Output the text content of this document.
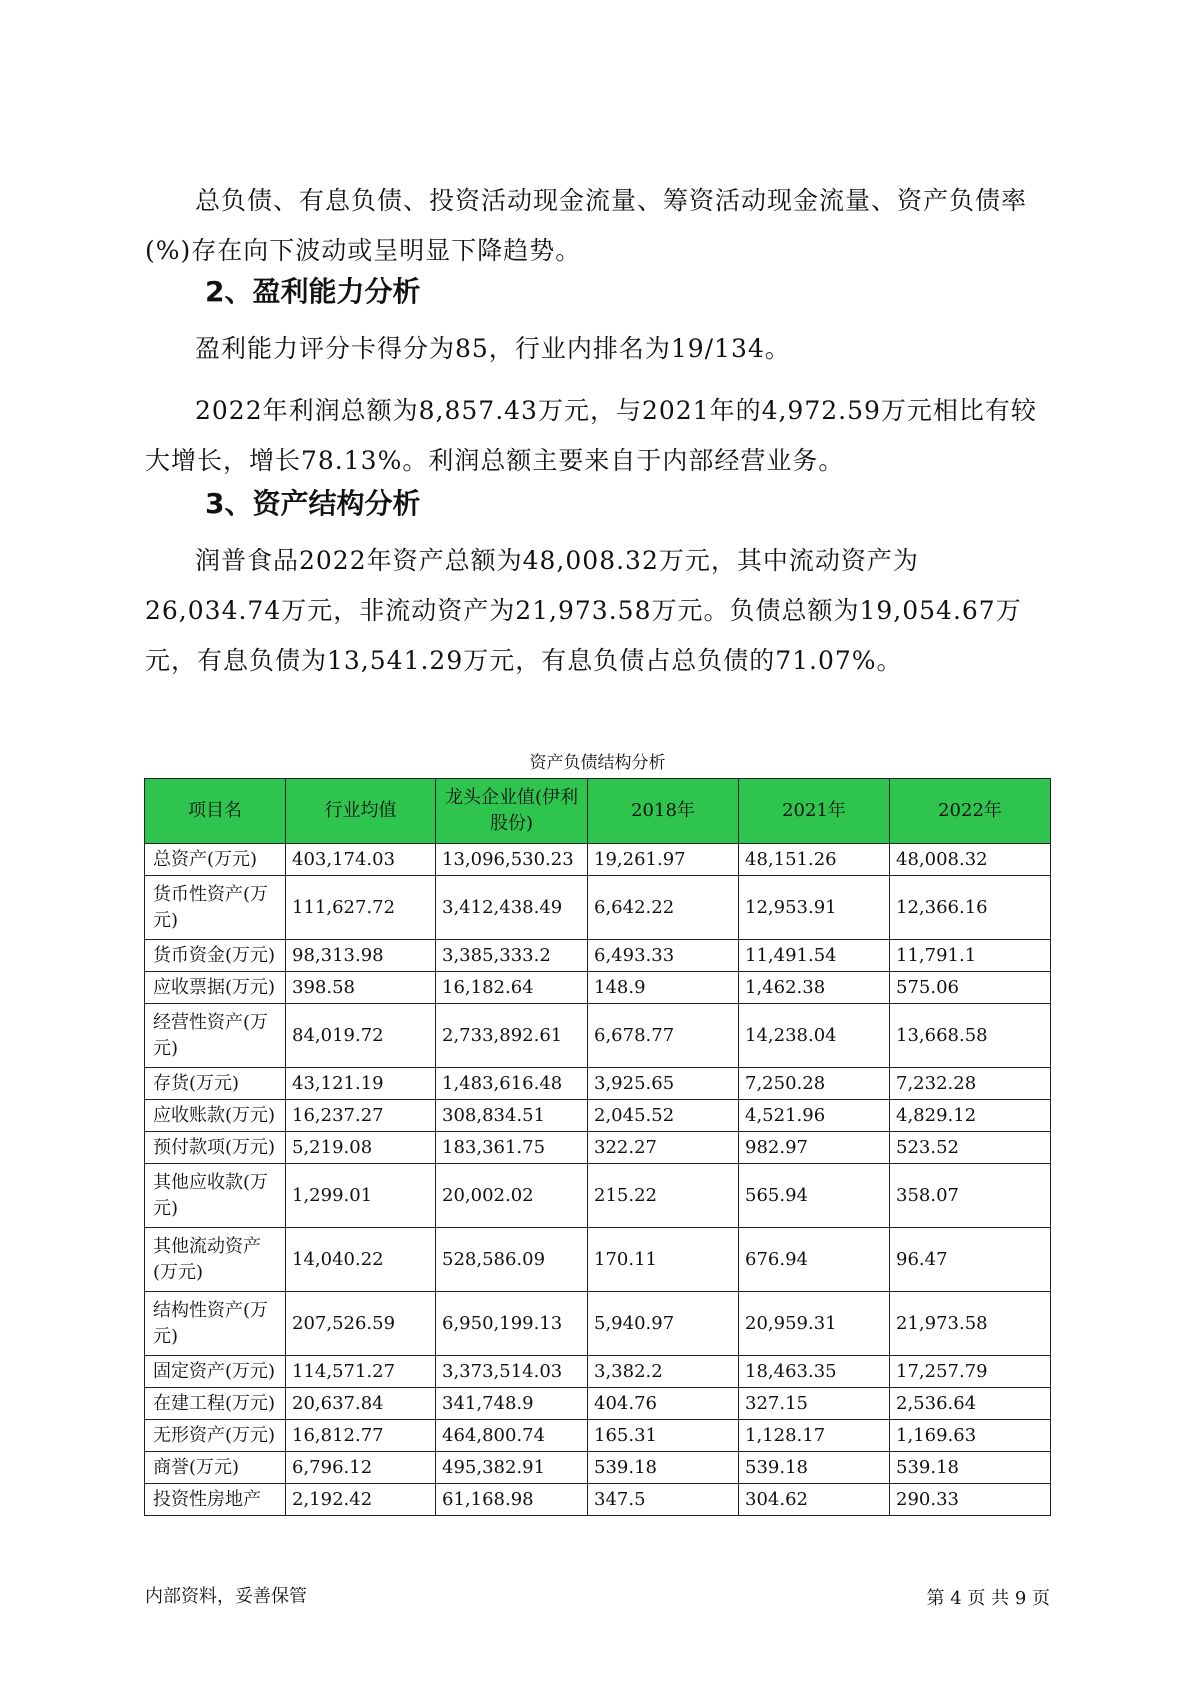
总负债、有息负债、投资活动现金流量、筹资活动现金流量、资产负债率(%)存在向下波动或呈明显下降趋势。

2、盈利能力分析

盈利能力评分卡得分为85，行业内排名为19/134。

2022年利润总额为8,857.43万元，与2021年的4,972.59万元相比有较大增长，增长78.13%。利润总额主要来自于内部经营业务。

3、资产结构分析

润普食品2022年资产总额为48,008.32万元，其中流动资产为26,034.74万元，非流动资产为21,973.58万元。负债总额为19,054.67万元，有息负债为13,541.29万元，有息负债占总负债的71.07%。

资产负债结构分析
项目名	行业均值	龙头企业值(伊利股份)	2018年	2021年	2022年
总资产(万元)	403,174.03	13,096,530.23	19,261.97	48,151.26	48,008.32
货币性资产(万元)	111,627.72	3,412,438.49	6,642.22	12,953.91	12,366.16
货币资金(万元)	98,313.98	3,385,333.2	6,493.33	11,491.54	11,791.1
应收票据(万元)	398.58	16,182.64	148.9	1,462.38	575.06
经营性资产(万元)	84,019.72	2,733,892.61	6,678.77	14,238.04	13,668.58
存货(万元)	43,121.19	1,483,616.48	3,925.65	7,250.28	7,232.28
应收账款(万元)	16,237.27	308,834.51	2,045.52	4,521.96	4,829.12
预付款项(万元)	5,219.08	183,361.75	322.27	982.97	523.52
其他应收款(万元)	1,299.01	20,002.02	215.22	565.94	358.07
其他流动资产(万元)	14,040.22	528,586.09	170.11	676.94	96.47
结构性资产(万元)	207,526.59	6,950,199.13	5,940.97	20,959.31	21,973.58
固定资产(万元)	114,571.27	3,373,514.03	3,382.2	18,463.35	17,257.79
在建工程(万元)	20,637.84	341,748.9	404.76	327.15	2,536.64
无形资产(万元)	16,812.77	464,800.74	165.31	1,128.17	1,169.63
商誉(万元)	6,796.12	495,382.91	539.18	539.18	539.18
投资性房地产	2,192.42	61,168.98	347.5	304.62	290.33
内部资料，妥善保管	第 4 页 共 9 页
